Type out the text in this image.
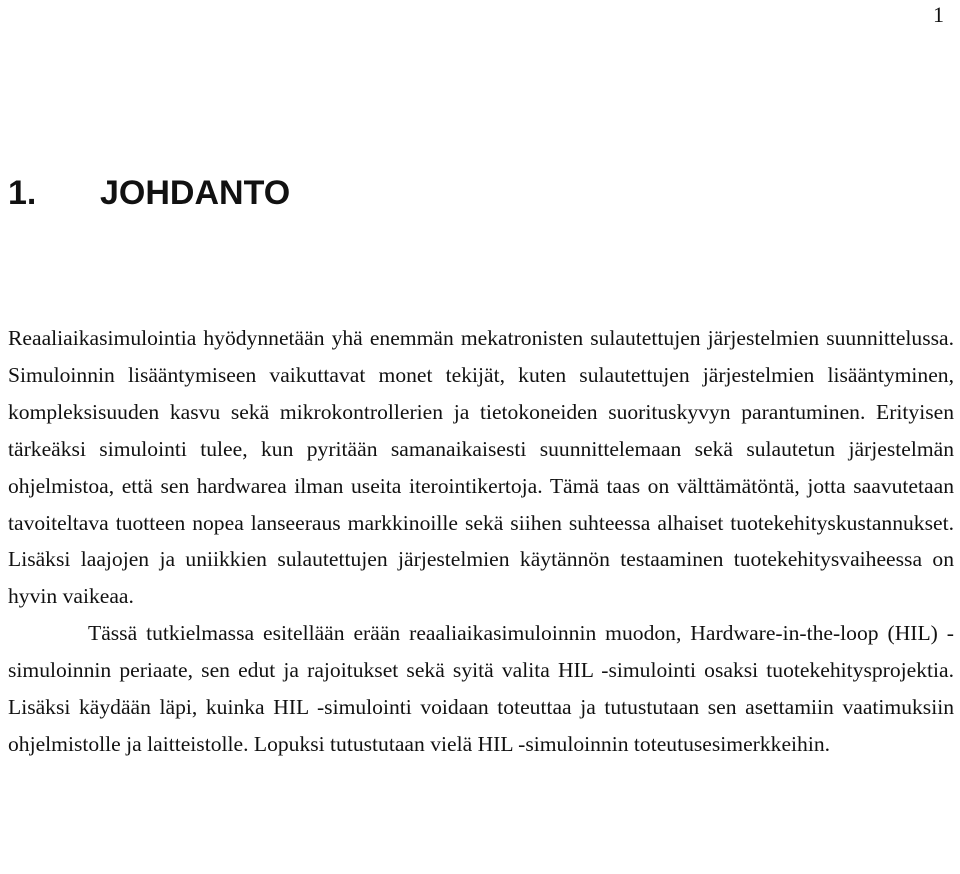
1
1. JOHDANTO

Reaaliaikasimulointia hyödynnetään yhä enemmän mekatronisten sulautettujen järjestelmien suunnittelussa. Simuloinnin lisääntymiseen vaikuttavat monet tekijät, kuten sulautettujen järjestelmien lisääntyminen, kompleksisuuden kasvu sekä mikrokontrollerien ja tietokoneiden suorituskyvyn parantuminen. Erityisen tärkeäksi simulointi tulee, kun pyritään samanaikaisesti suunnittelemaan sekä sulautetun järjestelmän ohjelmistoa, että sen hardwarea ilman useita iterointikertoja. Tämä taas on välttämätöntä, jotta saavutetaan tavoiteltava tuotteen nopea lanseeraus markkinoille sekä siihen suhteessa alhaiset tuotekehityskustannukset. Lisäksi laajojen ja uniikkien sulautettujen järjestelmien käytännön testaaminen tuotekehitysvaiheessa on hyvin vaikeaa.

Tässä tutkielmassa esitellään erään reaaliaikasimuloinnin muodon, Hardware-in-the-loop (HIL) -simuloinnin periaate, sen edut ja rajoitukset sekä syitä valita HIL -simulointi osaksi tuotekehitysprojektia. Lisäksi käydään läpi, kuinka HIL -simulointi voidaan toteuttaa ja tutustutaan sen asettamiin vaatimuksiin ohjelmistolle ja laitteistolle. Lopuksi tutustutaan vielä HIL -simuloinnin toteutusesimerkkeihin.
